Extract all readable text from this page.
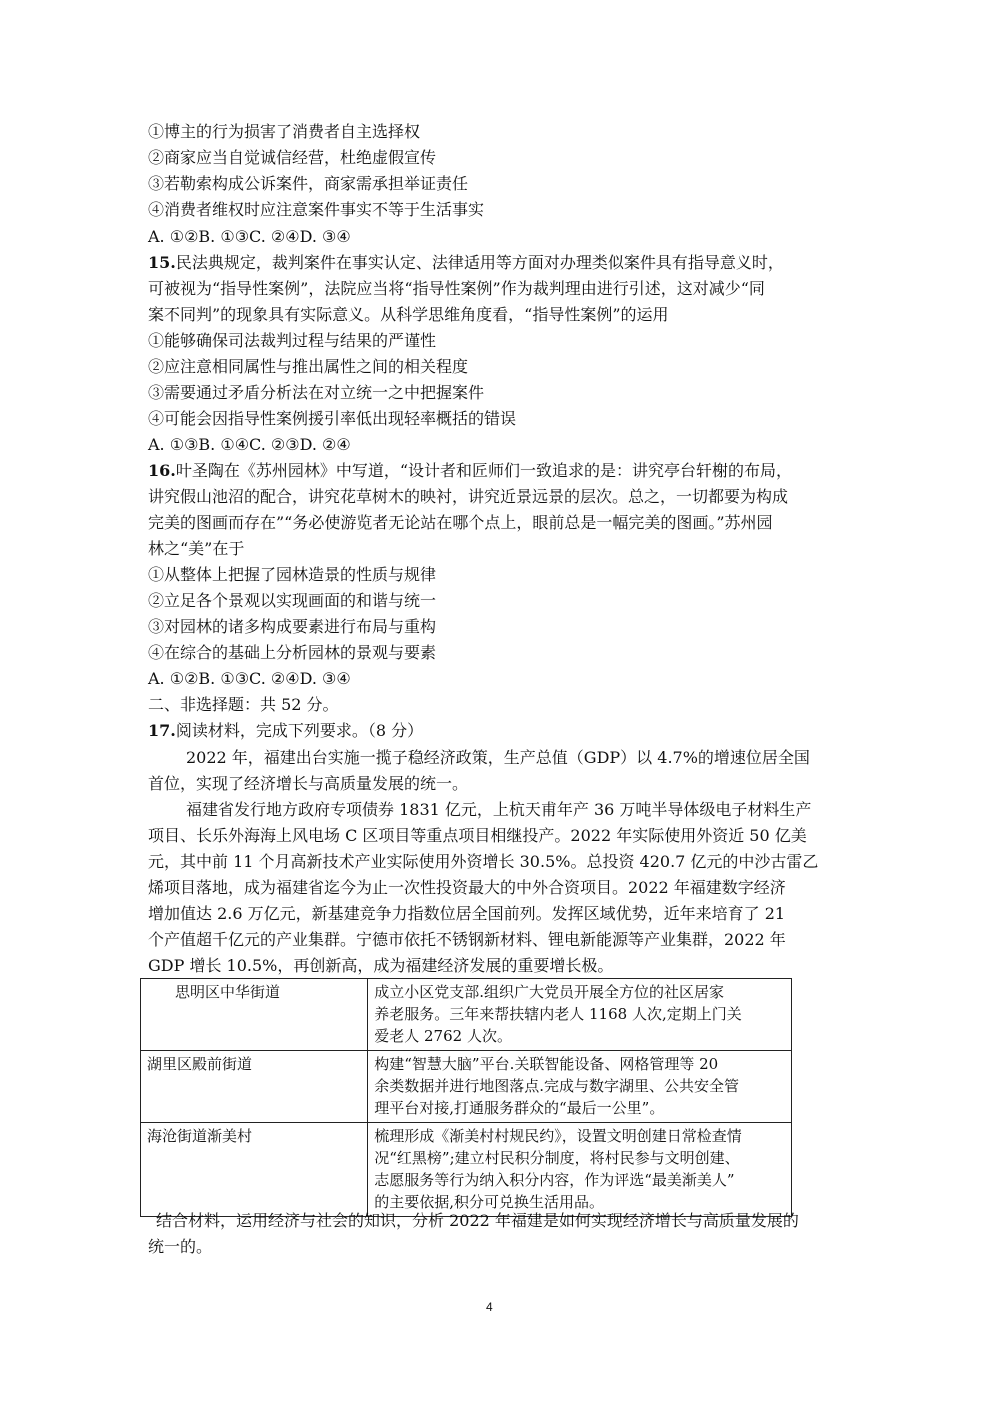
①博主的行为损害了消费者自主选择权
②商家应当自觉诚信经营，杜绝虚假宣传
③若勒索构成公诉案件，商家需承担举证责任
④消费者维权时应注意案件事实不等于生活事实
A. ①②B. ①③C. ②④D. ③④
15.民法典规定，裁判案件在事实认定、法律适用等方面对办理类似案件具有指导意义时，
可被视为“指导性案例”，法院应当将“指导性案例”作为裁判理由进行引述，这对减少“同
案不同判”的现象具有实际意义。从科学思维角度看，“指导性案例”的运用
①能够确保司法裁判过程与结果的严谨性
②应注意相同属性与推出属性之间的相关程度
③需要通过矛盾分析法在对立统一之中把握案件
④可能会因指导性案例援引率低出现轻率概括的错误
A. ①③B. ①④C. ②③D. ②④
16.叶圣陶在《苏州园林》中写道，“设计者和匠师们一致追求的是：讲究亭台轩榭的布局，
讲究假山池沼的配合，讲究花草树木的映衬，讲究近景远景的层次。总之，一切都要为构成
完美的图画而存在”“务必使游览者无论站在哪个点上，眼前总是一幅完美的图画。”苏州园
林之“美”在于
①从整体上把握了园林造景的性质与规律
②立足各个景观以实现画面的和谐与统一
③对园林的诸多构成要素进行布局与重构
④在综合的基础上分析园林的景观与要素
A. ①②B. ①③C. ②④D. ③④
二、非选择题：共 52 分。
17.阅读材料，完成下列要求。（8 分）
2022 年，福建出台实施一揽子稳经济政策，生产总值（GDP）以 4.7%的增速位居全国
首位，实现了经济增长与高质量发展的统一。
福建省发行地方政府专项债券 1831 亿元，上杭天甫年产 36 万吨半导体级电子材料生产
项目、长乐外海海上风电场 C 区项目等重点项目相继投产。2022 年实际使用外资近 50 亿美
元，其中前 11 个月高新技术产业实际使用外资增长 30.5%。总投资 420.7 亿元的中沙古雷乙
烯项目落地，成为福建省迄今为止一次性投资最大的中外合资项目。2022 年福建数字经济
增加值达 2.6 万亿元，新基建竞争力指数位居全国前列。发挥区域优势，近年来培育了 21
个产值超千亿元的产业集群。宁德市依托不锈钢新材料、锂电新能源等产业集群，2022 年
GDP 增长 10.5%，再创新高，成为福建经济发展的重要增长极。
思明区中华街道	成立小区党支部.组织广大党员开展全方位的社区居家
养老服务。三年来帮扶辖内老人 1168 人次,定期上门关
爱老人 2762 人次。

湖里区殿前街道	构建“智慧大脑”平台.关联智能设备、网格管理等 20
余类数据并进行地图落点.完成与数字湖里、公共安全管
理平台对接,打通服务群众的“最后一公里”。

海沧街道渐美村	梳理形成《渐美村村规民约》，设置文明创建日常检查情
况“红黑榜”;建立村民积分制度，将村民参与文明创建、
志愿服务等行为纳入积分内容，作为评选“最美渐美人”
的主要依据,积分可兑换生活用品。
结合材料，运用经济与社会的知识，分析 2022 年福建是如何实现经济增长与高质量发展的
统一的。
4
